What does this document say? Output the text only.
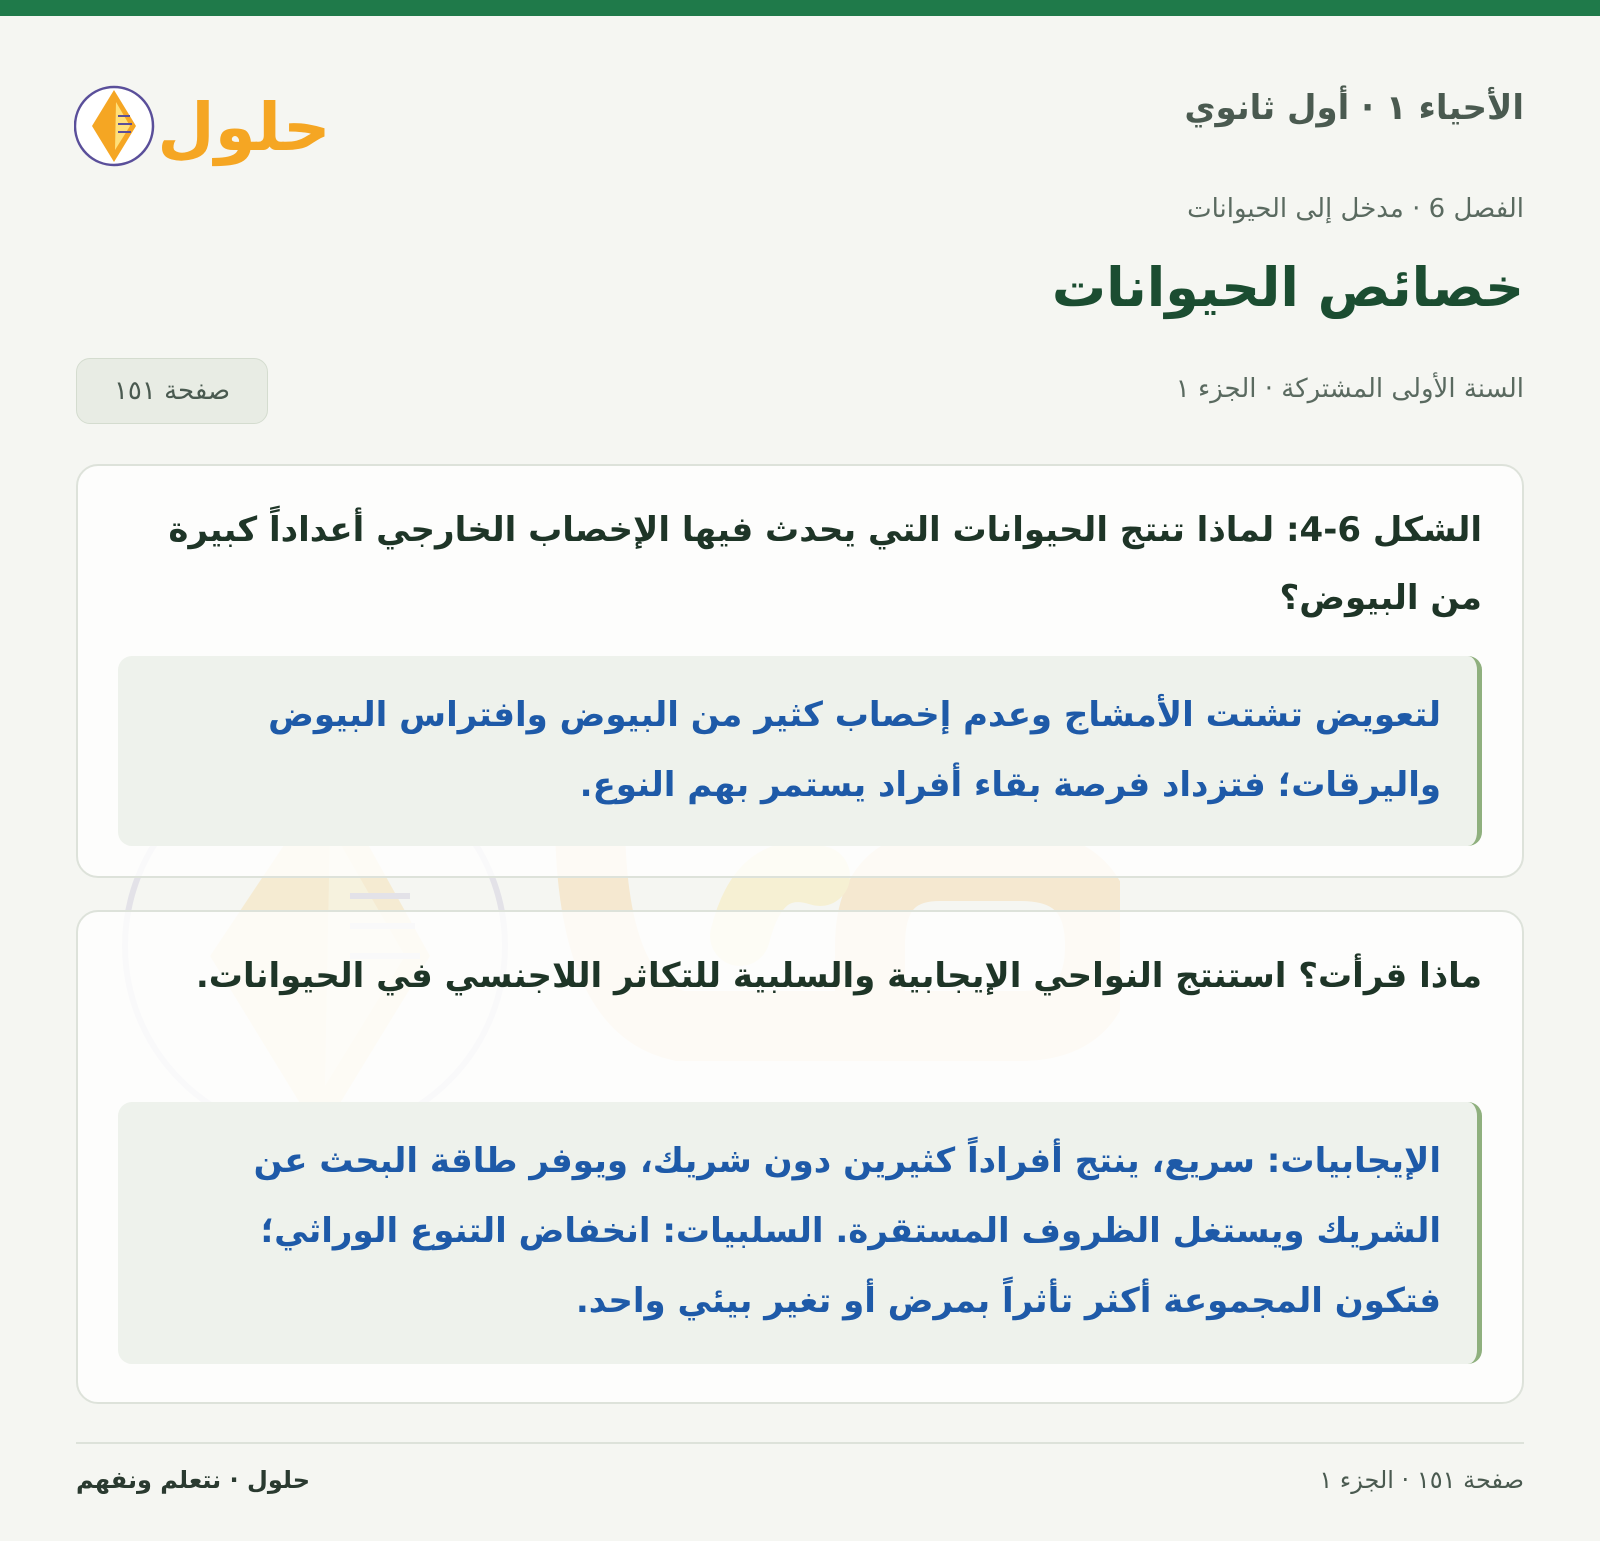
الأحياء ١ · أول ثانوي
حلول
الفصل 6 · مدخل إلى الحيوانات
خصائص الحيوانات
السنة الأولى المشتركة · الجزء ١
صفحة ١٥١
الشكل 6-4: لماذا تنتج الحيوانات التي يحدث فيها الإخصاب الخارجي أعداداً كبيرة من البيوض؟
لتعويض تشتت الأمشاج وعدم إخصاب كثير من البيوض وافتراس البيوض واليرقات؛ فتزداد فرصة بقاء أفراد يستمر بهم النوع.
ماذا قرأت؟ استنتج النواحي الإيجابية والسلبية للتكاثر اللاجنسي في الحيوانات.
الإيجابيات: سريع، ينتج أفراداً كثيرين دون شريك، ويوفر طاقة البحث عن الشريك ويستغل الظروف المستقرة. السلبيات: انخفاض التنوع الوراثي؛ فتكون المجموعة أكثر تأثراً بمرض أو تغير بيئي واحد.
صفحة ١٥١ · الجزء ١
حلول · نتعلم ونفهم
